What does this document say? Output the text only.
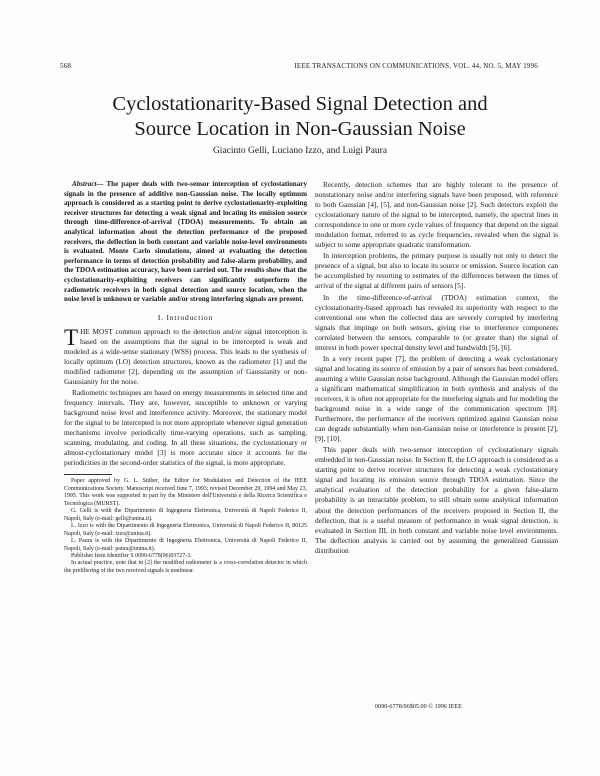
568	IEEE TRANSACTIONS ON COMMUNICATIONS, VOL. 44, NO. 5, MAY 1996
Cyclostationarity-Based Signal Detection and
Source Location in Non-Gaussian Noise
Giacinto Gelli, Luciano Izzo, and Luigi Paura

Abstract— The paper deals with two-sensor interception of cyclostationary signals in the presence of additive non-Gaussian noise. The locally optimum approach is considered as a starting point to derive cyclostationarity-exploiting receiver structures for detecting a weak signal and locating its emission source through time-difference-of-arrival (TDOA) measurements. To obtain an analytical information about the detection performance of the proposed receivers, the deflection in both constant and variable noise-level environments is evaluated. Monte Carlo simulations, aimed at evaluating the detection performance in terms of detection probability and false-alarm probability, and the TDOA estimation accuracy, have been carried out. The results show that the cyclostationarity-exploiting receivers can significantly outperform the radiometric receivers in both signal detection and source location, when the noise level is unknown or variable and/or strong interfering signals are present.

I. Introduction

THE MOST common approach to the detection and/or signal interception is based on the assumptions that the signal to be intercepted is weak and modeled as a wide-sense stationary (WSS) process. This leads to the synthesis of locally optimum (LO) detection structures, known as the radiometer [1] and the modified radiometer [2], depending on the assumption of Gaussianity or non-Gaussianity for the noise.

Radiometric techniques are based on energy measurements in selected time and frequency intervals. They are, however, susceptible to unknown or varying background noise level and interference activity. Moreover, the stationary model for the signal to be intercepted is not more appropriate whenever signal generation mechanisms involve periodically time-varying operations, such as sampling, scanning, modulating, and coding. In all these situations, the cyclostationary or almost-cyclostationary model [3] is more accurate since it accounts for the periodicities in the second-order statistics of the signal, is more appropriate.

Paper approved by G. L. Stüber, the Editor for Modulation and Detection of the IEEE Communications Society. Manuscript received June 7, 1993; revised December 29, 1994 and May 23, 1995. This work was supported in part by the Ministero dell'Università e della Ricerca Scientifica e Tecnologica (MURST).

G. Gelli is with the Dipartimento di Ingegneria Elettronica, Università di Napoli Federico II, Napoli, Italy (e-mail: gelli@unina.it).

L. Izzo is with the Dipartimento di Ingegneria Elettronica, Università di Napoli Federico II, 80125 Napoli, Italy (e-mail: izzo@unina.it).

L. Paura is with the Dipartimento di Ingegneria Elettronica, Università di Napoli Federico II, Napoli, Italy (e-mail: paura@unina.it).

Publisher Item Identifier S 0090-6778(96)03727-3.

In actual practice, note that in [2] the modified radiometer is a cross-correlation detector in which the prefiltering of the two received signals is nonlinear.

Recently, detection schemes that are highly tolerant to the presence of nonstationary noise and/or interfering signals have been proposed, with reference to both Gaussian [4], [5], and non-Gaussian noise [2]. Such detectors exploit the cyclostationary nature of the signal to be intercepted, namely, the spectral lines in correspondence to one or more cycle values of frequency that depend on the signal modulation format, referred to as cycle frequencies, revealed when the signal is subject to some appropriate quadratic transformation.

In interception problems, the primary purpose is usually not only to detect the presence of a signal, but also to locate its source or emission. Source location can be accomplished by resorting to estimates of the differences between the times of arrival of the signal at different pairs of sensors [5].

In the time-difference-of-arrival (TDOA) estimation context, the cyclostationarity-based approach has revealed its superiority with respect to the conventional one when the collected data are severely corrupted by interfering signals that impinge on both sensors, giving rise to interference components correlated between the sensors, comparable to (or greater than) the signal of interest in both power spectral density level and bandwidth [5], [6].

In a very recent paper [7], the problem of detecting a weak cyclostationary signal and locating its source of emission by a pair of sensors has been considered, assuming a white Gaussian noise background. Although the Gaussian model offers a significant mathematical simplification in both synthesis and analysis of the receivers, it is often not appropriate for the interfering signals and for modeling the background noise in a wide range of the communication spectrum [8]. Furthermore, the performance of the receivers optimized against Gaussian noise can degrade substantially when non-Gaussian noise or interference is present [2], [9], [10].

This paper deals with two-sensor interception of cyclostationary signals embedded in non-Gaussian noise. In Section II, the LO approach is considered as a starting point to derive receiver structures for detecting a weak cyclostationary signal and locating its emission source through TDOA estimation. Since the analytical evaluation of the detection probability for a given false-alarm probability is an intractable problem, to still obtain some analytical information about the detection performances of the receivers proposed in Section II, the deflection, that is a useful measure of performance in weak signal detection, is evaluated in Section III, in both constant and variable noise level environments. The deflection analysis is carried out by assuming the generalized Gaussian distribution

0090-6778/96$05.00 © 1996 IEEE
